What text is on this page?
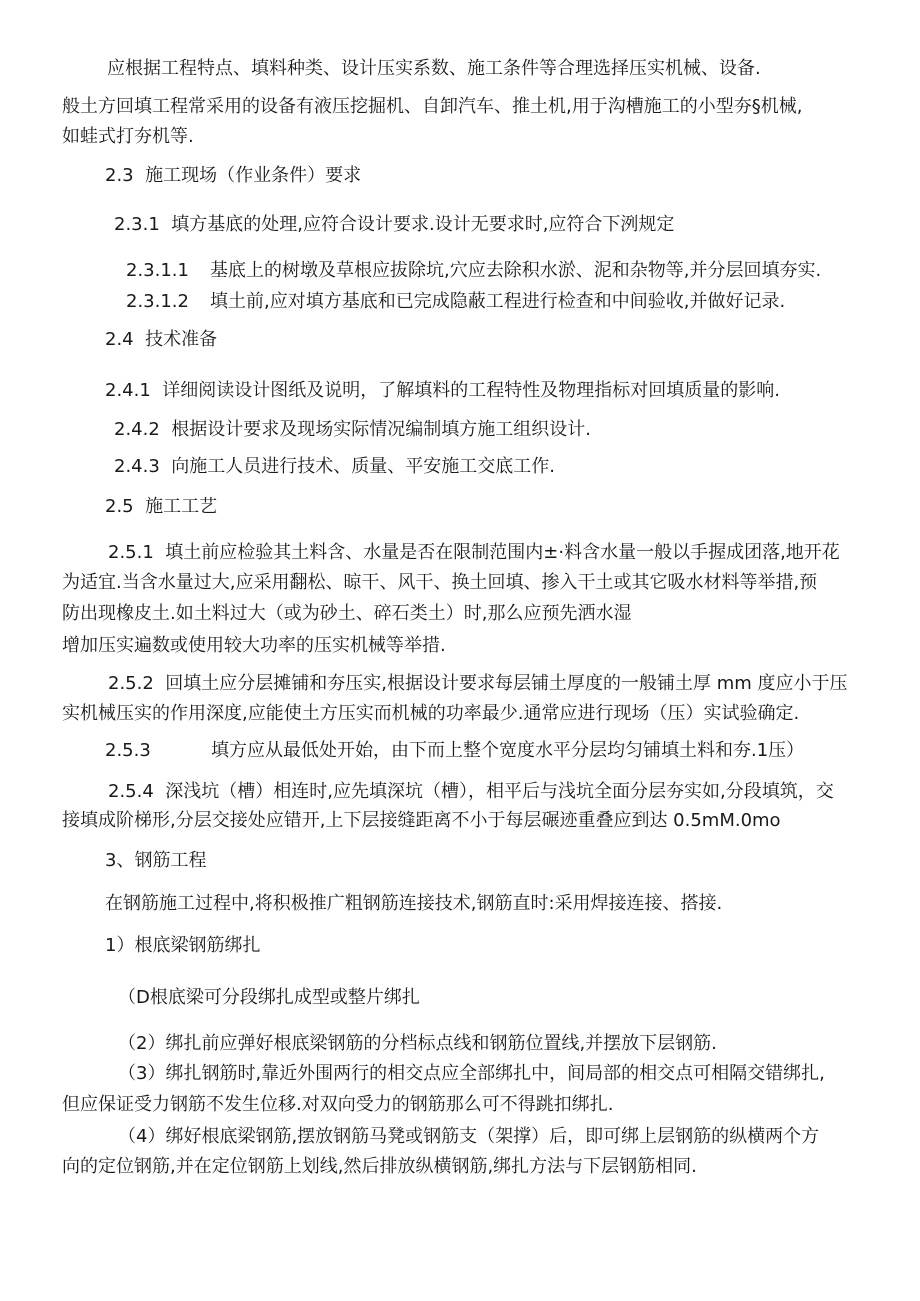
应根据工程特点、填料种类、设计压实系数、施工条件等合理选择压实机械、设备.
般土方回填工程常采用的设备有液压挖掘机、自卸汽车、推土机,用于沟槽施工的小型夯§机械,
如蛙式打夯机等.
2.3 施工现场（作业条件）要求
2.3.1 填方基底的处理,应符合设计要求.设计无要求时,应符合下洌规定
2.3.1.1 基底上的树墩及草根应拔除坑,穴应去除积水淤、泥和杂物等,并分层回填夯实.
2.3.1.2 填土前,应对填方基底和已完成隐蔽工程进行检查和中间验收,并做好记录.
2.4 技术准备
2.4.1 详细阅读设计图纸及说明，了解填料的工程特性及物理指标对回填质量的影响.
2.4.2 根据设计要求及现场实际情况编制填方施工组织设计.
2.4.3 向施工人员进行技术、质量、平安施工交底工作.
2.5 施工工艺
2.5.1 填土前应检验其土料含、水量是否在限制范围内±·料含水量一般以手握成团落,地开花
为适宜.当含水量过大,应采用翻松、晾干、风干、换土回填、掺入干土或其它吸水材料等举措,预
防出现橡皮土.如土料过大（或为砂土、碎石类土）时,那么应预先洒水湿
增加压实遍数或使用较大功率的压实机械等举措.
2.5.2 回填土应分层摊铺和夯压实,根据设计要求每层铺土厚度的一般铺土厚 mm 度应小于压
实机械压实的作用深度,应能使土方压实而机械的功率最少.通常应进行现场（压）实试验确定.
2.5.3	填方应从最低处开始，由下而上整个宽度水平分层均匀铺填土料和夯.1压）
2.5.4 深浅坑（槽）相连时,应先填深坑（槽），相平后与浅坑全面分层夯实如,分段填筑，交
接填成阶梯形,分层交接处应错开,上下层接缝距离不小于每层碾迹重叠应到达 0.5mM.0mo
3、钢筋工程
在钢筋施工过程中,将积极推广粗钢筋连接技术,钢筋直时:采用焊接连接、搭接.
1）根底梁钢筋绑扎
（D根底梁可分段绑扎成型或整片绑扎
（2）绑扎前应弹好根底梁钢筋的分档标点线和钢筋位置线,并摆放下层钢筋.
（3）绑扎钢筋时,靠近外围两行的相交点应全部绑扎中，间局部的相交点可相隔交错绑扎,
但应保证受力钢筋不发生位移.对双向受力的钢筋那么可不得跳扣绑扎.
（4）绑好根底梁钢筋,摆放钢筋马凳或钢筋支（架撑）后，即可绑上层钢筋的纵横两个方
向的定位钢筋,并在定位钢筋上划线,然后排放纵横钢筋,绑扎方法与下层钢筋相同.
